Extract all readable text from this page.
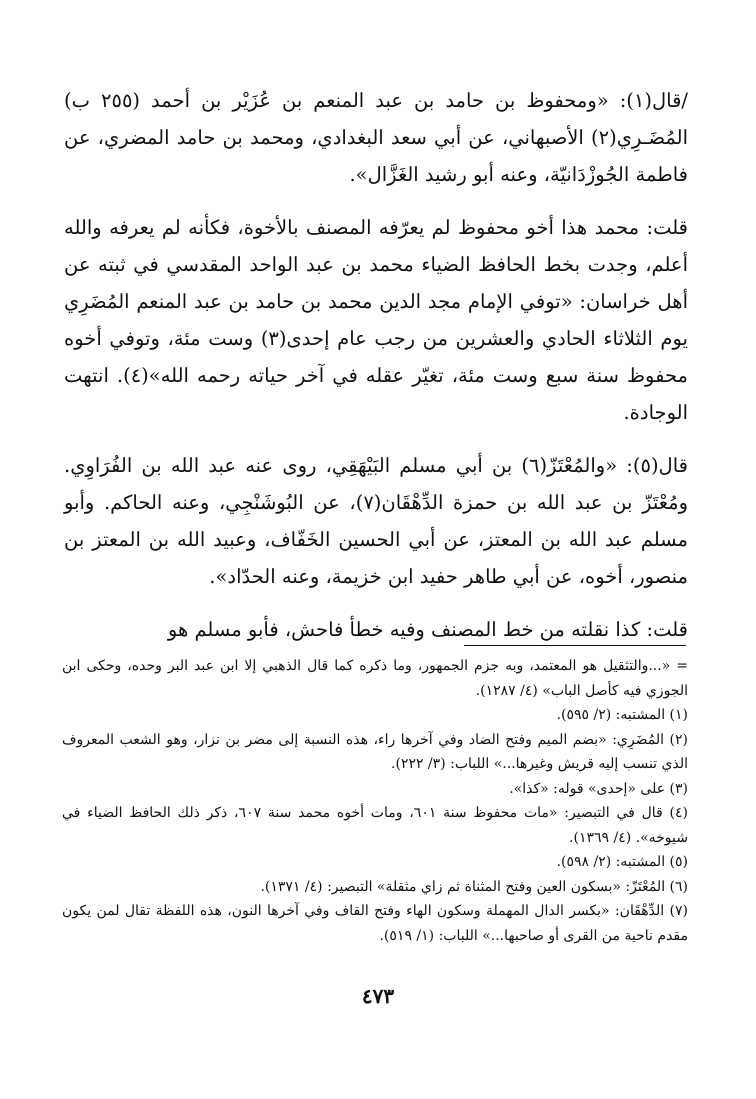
/قال(١): «ومحفوظ بن حامد بن عبد المنعم بن عُزَيْر بن أحمد (٢٥٥ ب) المُضَـرِي(٢) الأصبهاني، عن أبي سعد البغدادي، ومحمد بن حامد المضري، عن فاطمة الجُوزْدَانيّة، وعنه أبو رشيد الغَزَّال».

قلت: محمد هذا أخو محفوظ لم يعرّفه المصنف بالأخوة، فكأنه لم يعرفه والله أعلم، وجدت بخط الحافظ الضياء محمد بن عبد الواحد المقدسي في ثبته عن أهل خراسان: «توفي الإمام مجد الدين محمد بن حامد بن عبد المنعم المُضَرِي يوم الثلاثاء الحادي والعشرين من رجب عام إحدى(٣) وست مئة، وتوفي أخوه محفوظ سنة سبع وست مئة، تغيّر عقله في آخر حياته رحمه الله»(٤). انتهت الوجادة.

قال(٥): «والمُعْتَزّ(٦) بن أبي مسلم البَيْهَقِي، روى عنه عبد الله بن الفُرَاوِي. ومُعْتَزّ بن عبد الله بن حمزة الدِّهْقَان(٧)، عن البُوشَنْجِي، وعنه الحاكم. وأبو مسلم عبد الله بن المعتز، عن أبي الحسين الخَفّاف، وعبيد الله بن المعتز بن منصور، أخوه، عن أبي طاهر حفيد ابن خزيمة، وعنه الحدّاد».

قلت: كذا نقلته من خط المصنف وفيه خطأ فاحش، فأبو مسلم هو

= «...والتثقيل هو المعتمد، وبه جزم الجمهور، وما ذكره كما قال الذهبي إلا ابن عبد البر وحده، وحكى ابن الجوزي فيه كأصل الباب» (٤/ ١٢٨٧).

(١) المشتبه: (٢/ ٥٩٥).

(٢) المُضَرِي: «بضم الميم وفتح الضاد وفي آخرها راء، هذه النسبة إلى مضر بن نزار، وهو الشعب المعروف الذي تنسب إليه قريش وغيرها...» اللباب: (٣/ ٢٢٢).

(٣) على «إحدى» قوله: «كذا».

(٤) قال في التبصير: «مات محفوظ سنة ٦٠١، ومات أخوه محمد سنة ٦٠٧، ذكر ذلك الحافظ الضياء في شيوخه». (٤/ ١٣٦٩).

(٥) المشتبه: (٢/ ٥٩٨).

(٦) المُعْتَزّ: «بسكون العين وفتح المثناة ثم زاي مثقلة» التبصير: (٤/ ١٣٧١).

(٧) الدِّهْقَان: «بكسر الدال المهملة وسكون الهاء وفتح القاف وفي آخرها النون، هذه اللفظة تقال لمن يكون مقدم ناحية من القرى أو صاحبها...» اللباب: (١/ ٥١٩).

٤٧٣
